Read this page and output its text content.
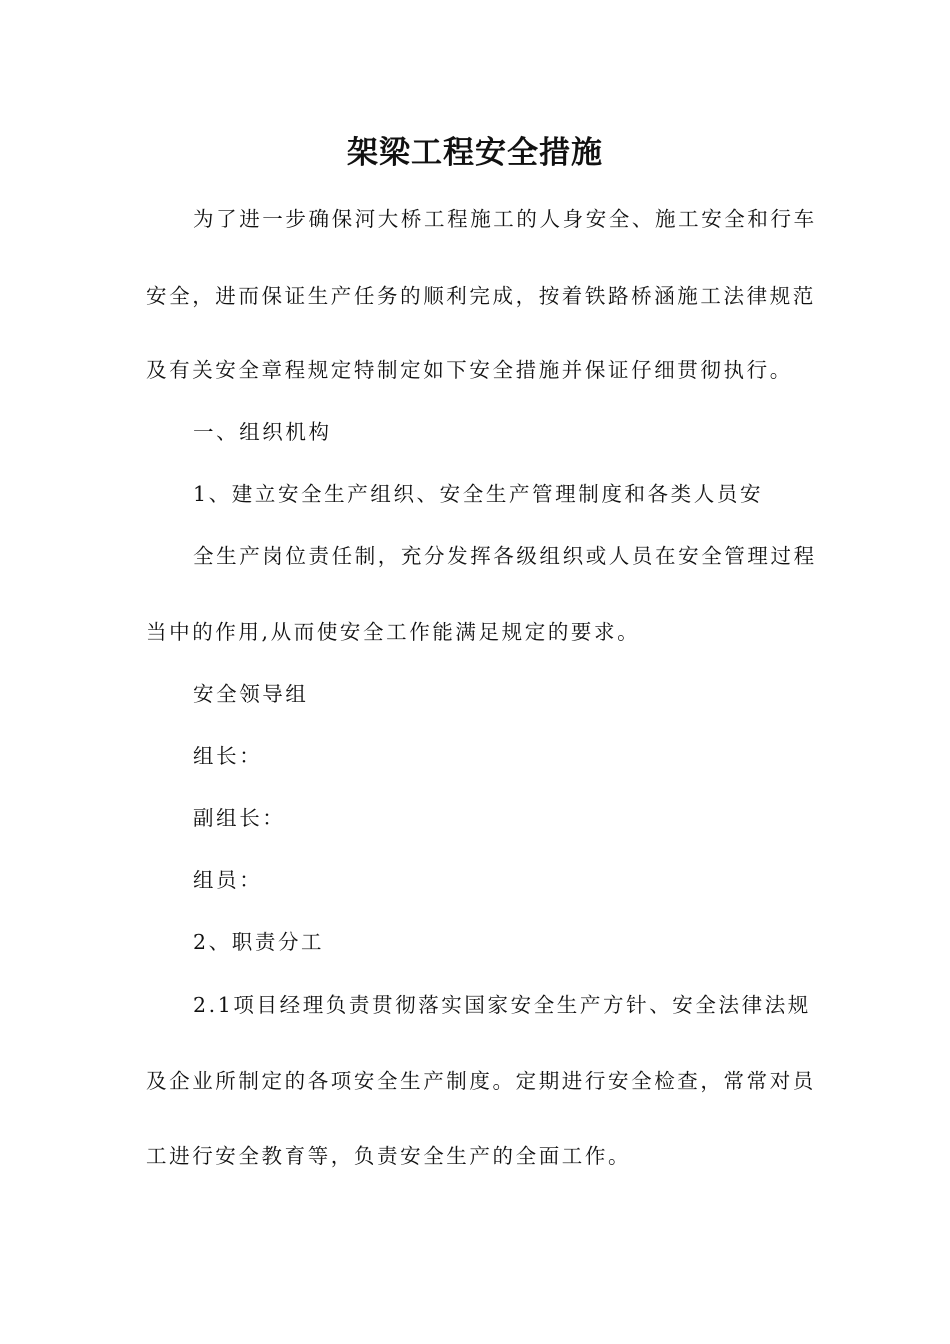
架梁工程安全措施
为了进一步确保河大桥工程施工的人身安全、施工安全和行车
安全，进而保证生产任务的顺利完成，按着铁路桥涵施工法律规范
及有关安全章程规定特制定如下安全措施并保证仔细贯彻执行。
一、组织机构
1、建立安全生产组织、安全生产管理制度和各类人员安
全生产岗位责任制，充分发挥各级组织或人员在安全管理过程
当中的作用,从而使安全工作能满足规定的要求。
安全领导组
组长：
副组长：
组员：
2、职责分工
2.1项目经理负责贯彻落实国家安全生产方针、安全法律法规
及企业所制定的各项安全生产制度。定期进行安全检查，常常对员
工进行安全教育等，负责安全生产的全面工作。
